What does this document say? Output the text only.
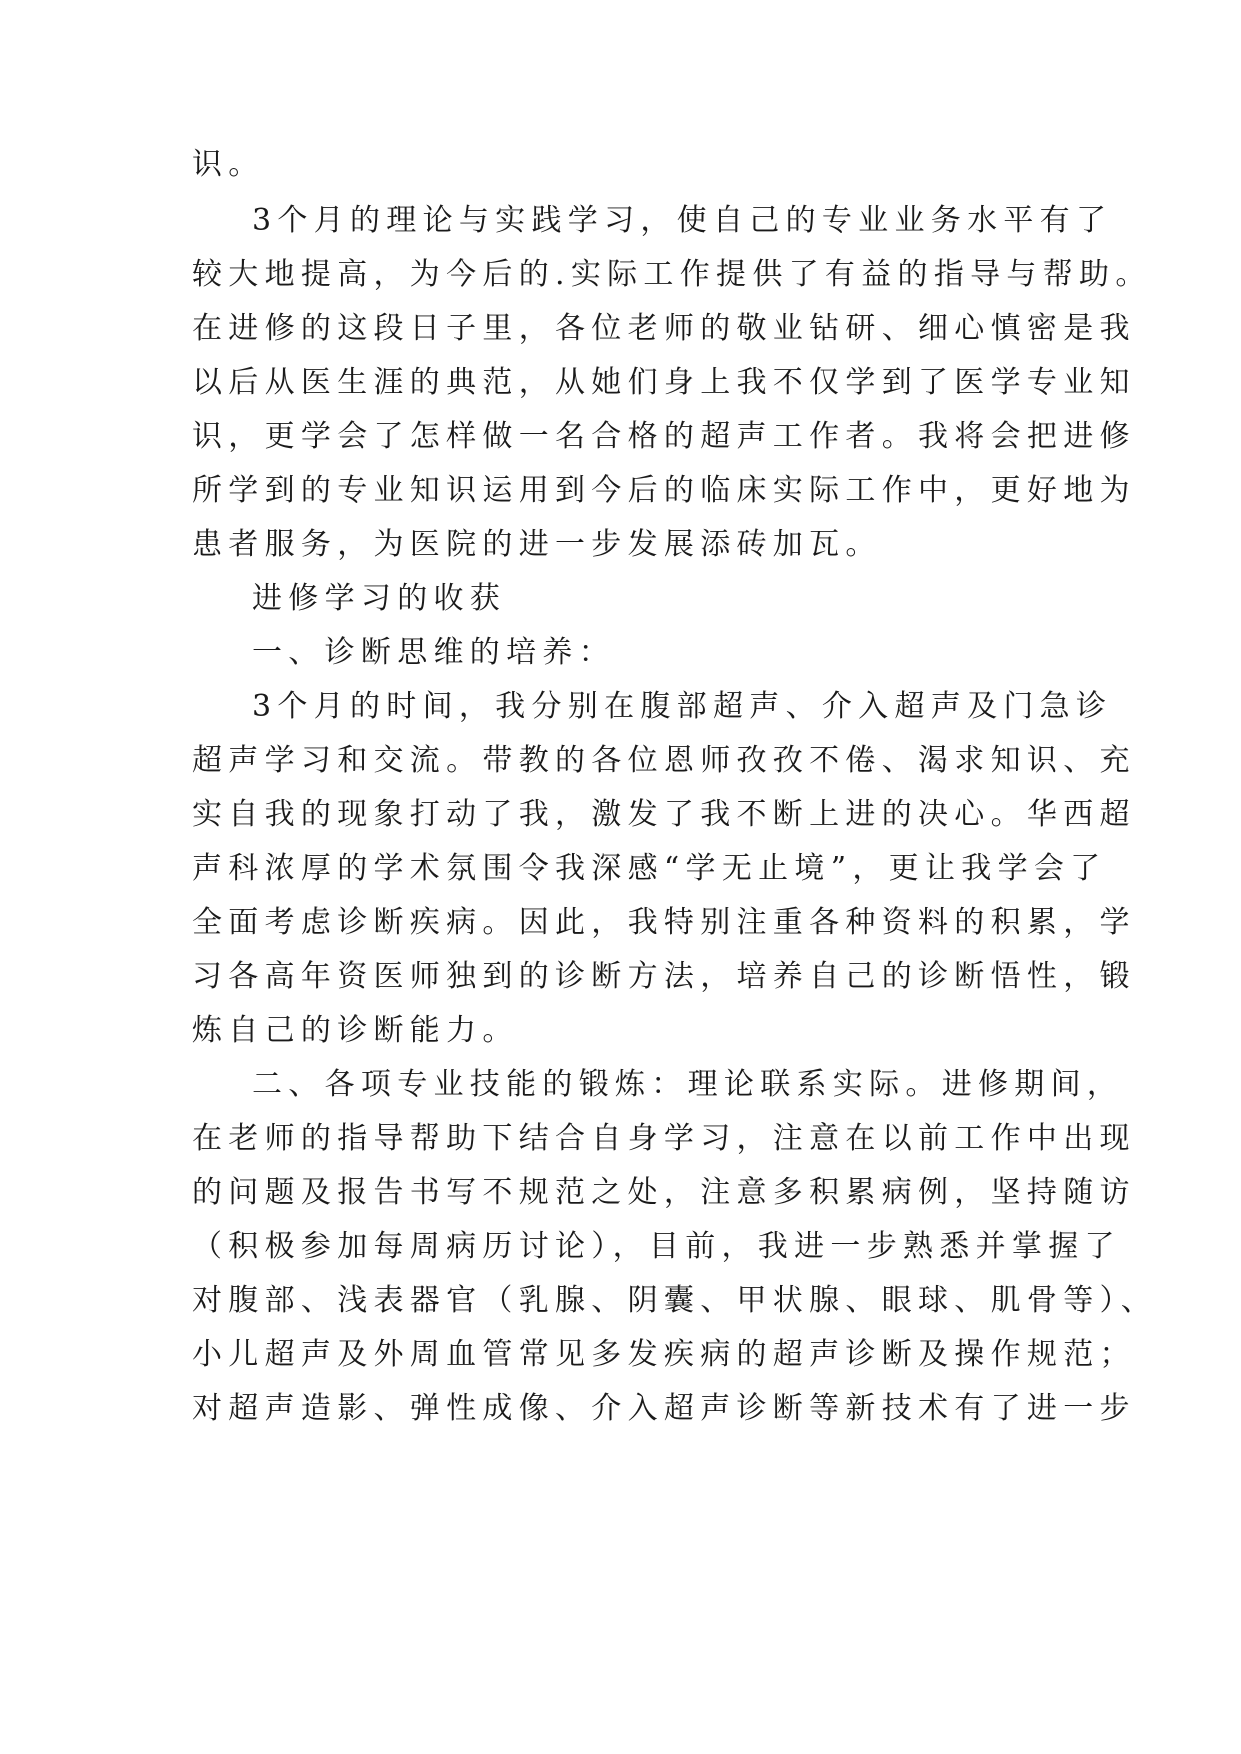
识。
3个月的理论与实践学习，使自己的专业业务水平有了
较大地提高，为今后的.实际工作提供了有益的指导与帮助。
在进修的这段日子里，各位老师的敬业钻研、细心慎密是我
以后从医生涯的典范，从她们身上我不仅学到了医学专业知
识，更学会了怎样做一名合格的超声工作者。我将会把进修
所学到的专业知识运用到今后的临床实际工作中，更好地为
患者服务，为医院的进一步发展添砖加瓦。
进修学习的收获
一、诊断思维的培养：
3个月的时间，我分别在腹部超声、介入超声及门急诊
超声学习和交流。带教的各位恩师孜孜不倦、渴求知识、充
实自我的现象打动了我，激发了我不断上进的决心。华西超
声科浓厚的学术氛围令我深感“学无止境”，更让我学会了
全面考虑诊断疾病。因此，我特别注重各种资料的积累，学
习各高年资医师独到的诊断方法，培养自己的诊断悟性，锻
炼自己的诊断能力。
二、各项专业技能的锻炼：理论联系实际。进修期间，
在老师的指导帮助下结合自身学习，注意在以前工作中出现
的问题及报告书写不规范之处，注意多积累病例，坚持随访
（积极参加每周病历讨论），目前，我进一步熟悉并掌握了
对腹部、浅表器官（乳腺、阴囊、甲状腺、眼球、肌骨等）、
小儿超声及外周血管常见多发疾病的超声诊断及操作规范；
对超声造影、弹性成像、介入超声诊断等新技术有了进一步
